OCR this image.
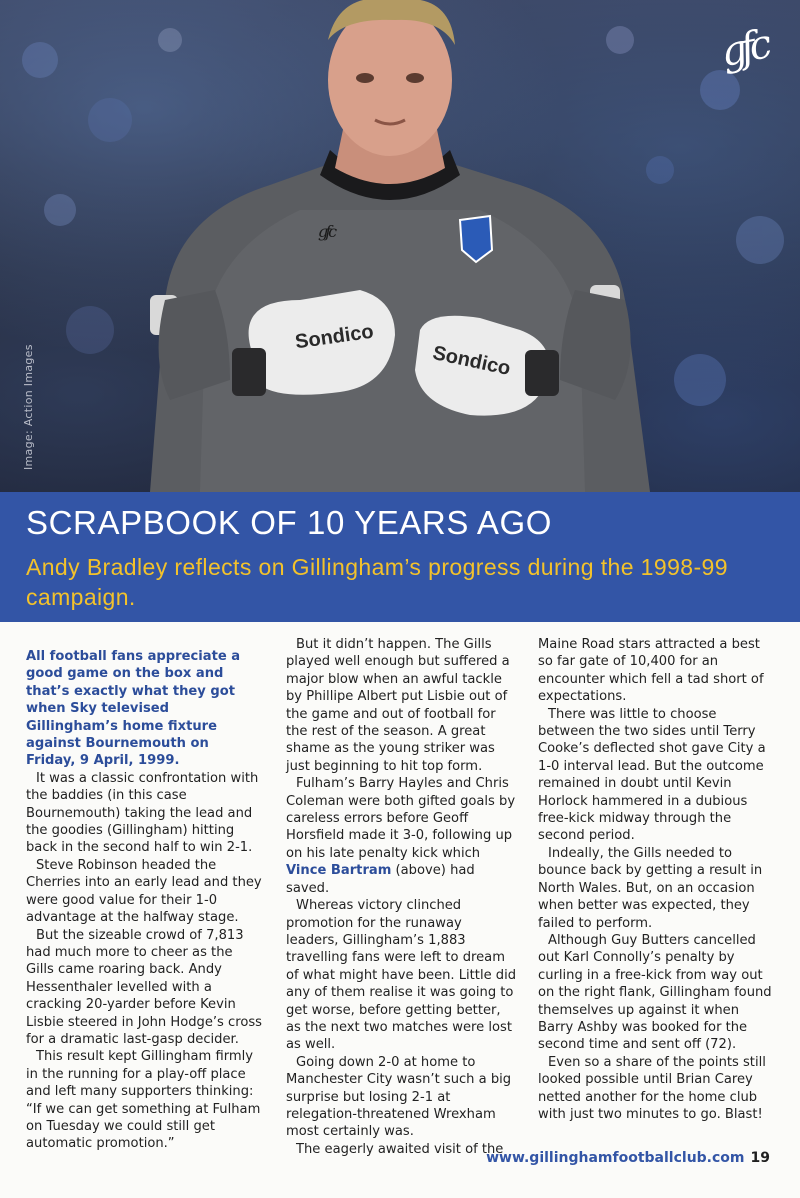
Sondico
Sondico
gfc
Image: Action Images
gfc
SCRAPBOOK OF 10 YEARS AGO

Andy Bradley reflects on Gillingham’s progress during the 1998-99 campaign.

All football fans appreciate a good game on the box and that’s exactly what they got when Sky televised Gillingham’s home fixture against Bournemouth on Friday, 9 April, 1999.

It was a classic confrontation with the baddies (in this case Bournemouth) taking the lead and the goodies (Gillingham) hitting back in the second half to win 2-1.

Steve Robinson headed the Cherries into an early lead and they were good value for their 1-0 advantage at the halfway stage.

But the sizeable crowd of 7,813 had much more to cheer as the Gills came roaring back. Andy Hessenthaler levelled with a cracking 20-yarder before Kevin Lisbie steered in John Hodge’s cross for a dramatic last-gasp decider.

This result kept Gillingham firmly in the running for a play-off place and left many supporters thinking: “If we can get something at Fulham on Tuesday we could still get automatic promotion.”

But it didn’t happen. The Gills played well enough but suffered a major blow when an awful tackle by Phillipe Albert put Lisbie out of the game and out of football for the rest of the season. A great shame as the young striker was just beginning to hit top form.

Fulham’s Barry Hayles and Chris Coleman were both gifted goals by careless errors before Geoff Horsfield made it 3-0, following up on his late penalty kick which Vince Bartram (above) had saved.

Whereas victory clinched promotion for the runaway leaders, Gillingham’s 1,883 travelling fans were left to dream of what might have been. Little did any of them realise it was going to get worse, before getting better, as the next two matches were lost as well.

Going down 2-0 at home to Manchester City wasn’t such a big surprise but losing 2-1 at relegation-threatened Wrexham most certainly was.

The eagerly awaited visit of the

Maine Road stars attracted a best so far gate of 10,400 for an encounter which fell a tad short of expectations.

There was little to choose between the two sides until Terry Cooke’s deflected shot gave City a 1-0 interval lead. But the outcome remained in doubt until Kevin Horlock hammered in a dubious free-kick midway through the second period.

Indeally, the Gills needed to bounce back by getting a result in North Wales. But, on an occasion when better was expected, they failed to perform.

Although Guy Butters cancelled out Karl Connolly’s penalty by curling in a free-kick from way out on the right flank, Gillingham found themselves up against it when Barry Ashby was booked for the second time and sent off (72).

Even so a share of the points still looked possible until Brian Carey netted another for the home club with just two minutes to go. Blast!

www.gillinghamfootballclub.com 19
